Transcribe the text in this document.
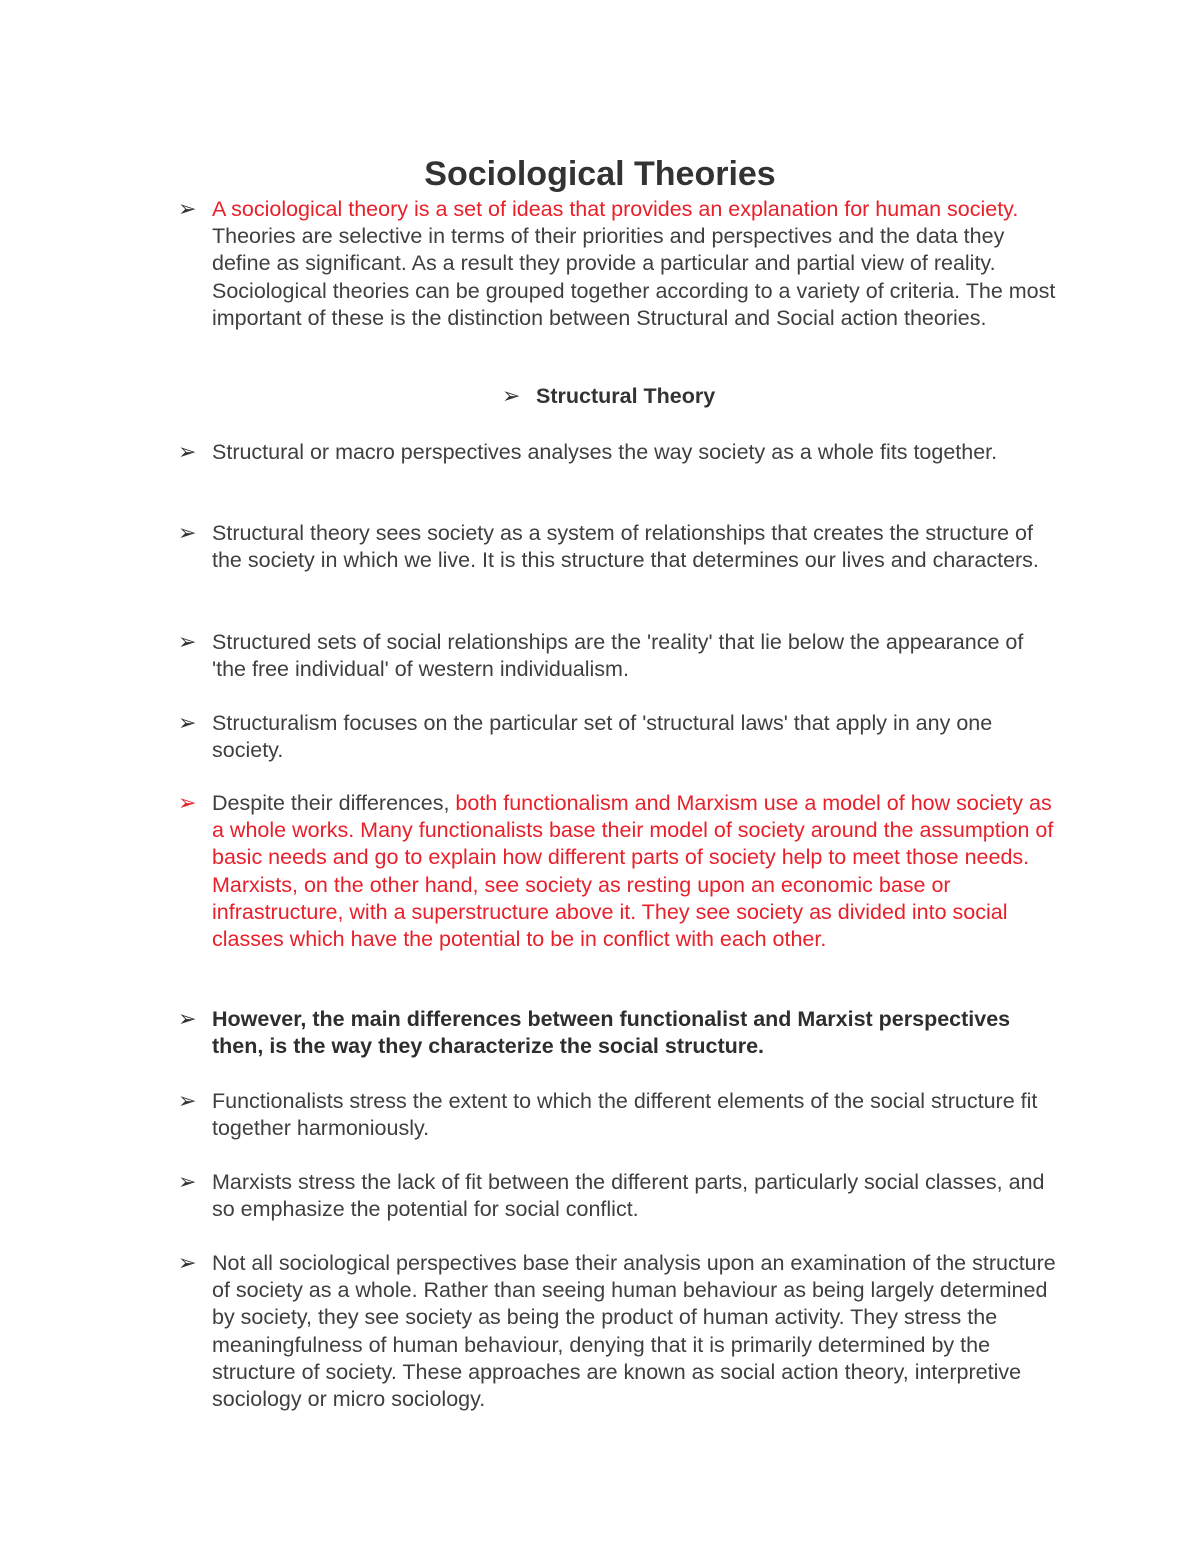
Sociological Theories
➢ A sociological theory is a set of ideas that provides an explanation for human society. Theories are selective in terms of their priorities and perspectives and the data they define as significant. As a result they provide a particular and partial view of reality. Sociological theories can be grouped together according to a variety of criteria. The most important of these is the distinction between Structural and Social action theories.
➢ Structural Theory
➢ Structural or macro perspectives analyses the way society as a whole fits together.
➢ Structural theory sees society as a system of relationships that creates the structure of the society in which we live. It is this structure that determines our lives and characters.
➢ Structured sets of social relationships are the 'reality' that lie below the appearance of 'the free individual' of western individualism.
➢ Structuralism focuses on the particular set of 'structural laws' that apply in any one society.
➢ Despite their differences, both functionalism and Marxism use a model of how society as a whole works. Many functionalists base their model of society around the assumption of basic needs and go to explain how different parts of society help to meet those needs. Marxists, on the other hand, see society as resting upon an economic base or infrastructure, with a superstructure above it. They see society as divided into social classes which have the potential to be in conflict with each other.
➢ However, the main differences between functionalist and Marxist perspectives then, is the way they characterize the social structure.
➢ Functionalists stress the extent to which the different elements of the social structure fit together harmoniously.
➢ Marxists stress the lack of fit between the different parts, particularly social classes, and so emphasize the potential for social conflict.
➢ Not all sociological perspectives base their analysis upon an examination of the structure of society as a whole. Rather than seeing human behaviour as being largely determined by society, they see society as being the product of human activity. They stress the meaningfulness of human behaviour, denying that it is primarily determined by the structure of society. These approaches are known as social action theory, interpretive sociology or micro sociology.
